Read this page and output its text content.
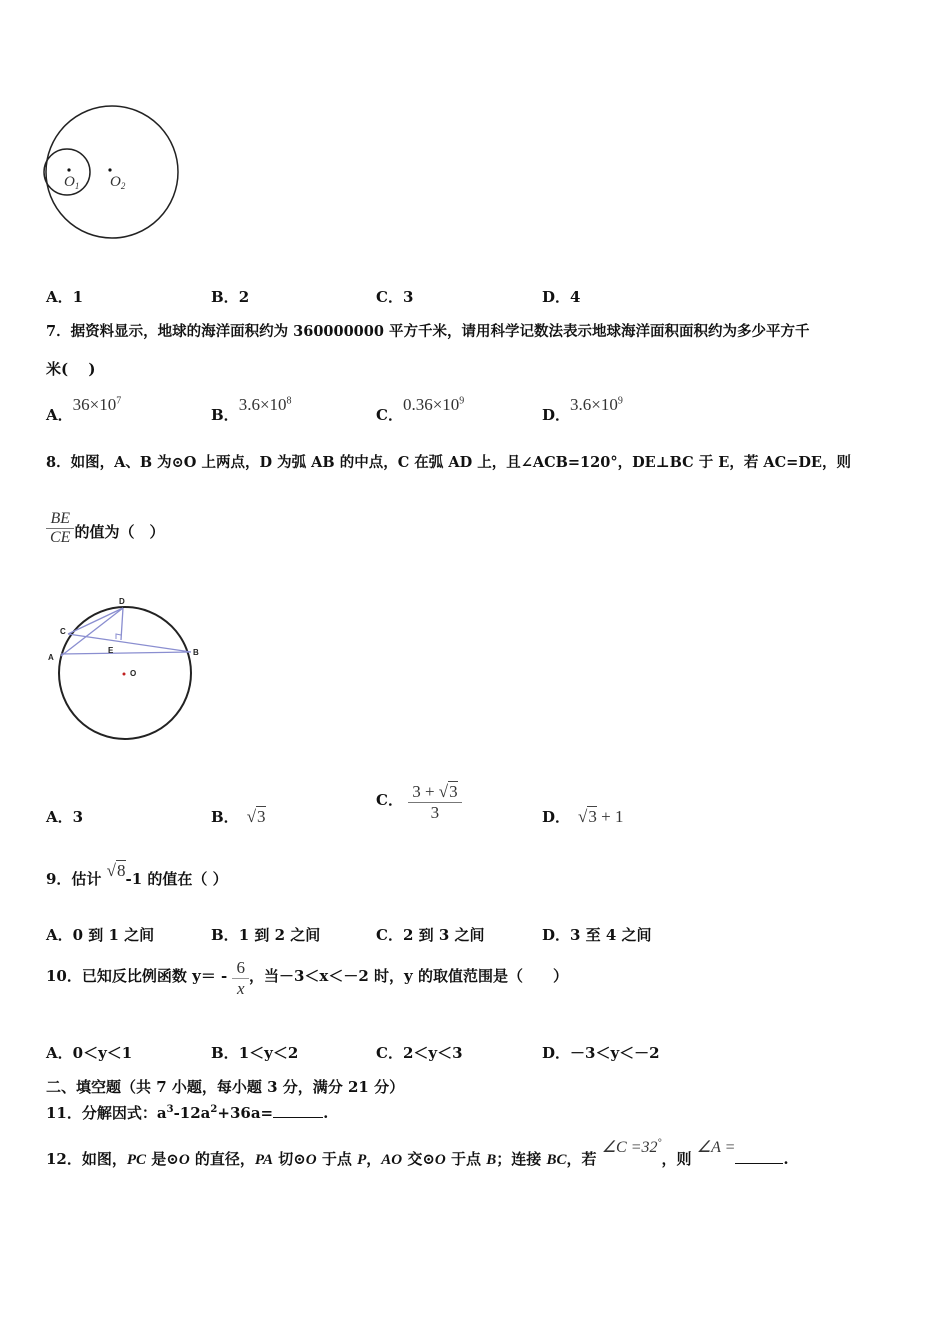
$O_1$ $O_2$
A．1	B．2	C．3	D．4
7．据资料显示，地球的海洋面积约为 360000000 平方千米，请用科学记数法表示地球海洋面积面积约为多少平方千
米(　 )
A．$36\times 10^7$
B．$3.6\times 10^8$
C．$0.36\times 10^9$
D．$3.6\times 10^9$
8．如图，A、B 为⊙O 上两点，D 为弧 AB 的中点，C 在弧 AD 上，且∠ACB=120°，DE⊥BC 于 E，若 AC=DE，则
$\frac{BE}{CE}$ 的值为（　）
D
C
A
E	B
O
A．3	B． √3
C． $\frac{3 + √3}{3}$	D． √3 + 1
9．估计 √8-1 的值在（ ）
A．0 到 1 之间	B．1 到 2 之间	C．2 到 3 之间	D．3 至 4 之间
10．已知反比例函数 $y= - \frac{6}{x}$ ，当－3＜x＜－2 时，y 的取值范围是（　　）
A．0＜y＜1	B．1＜y＜2	C．2＜y＜3	D．－3＜y＜－2
二、填空题（共 7 小题，每小题 3 分，满分 21 分）
11．分解因式：$a^3-12a^2+36a=$	.
12．如图，PC 是⊙O 的直径，PA 切⊙O 于点 P，AO 交⊙O 于点 B；连接 BC，若 ∠C =32°，则 ∠A =.
